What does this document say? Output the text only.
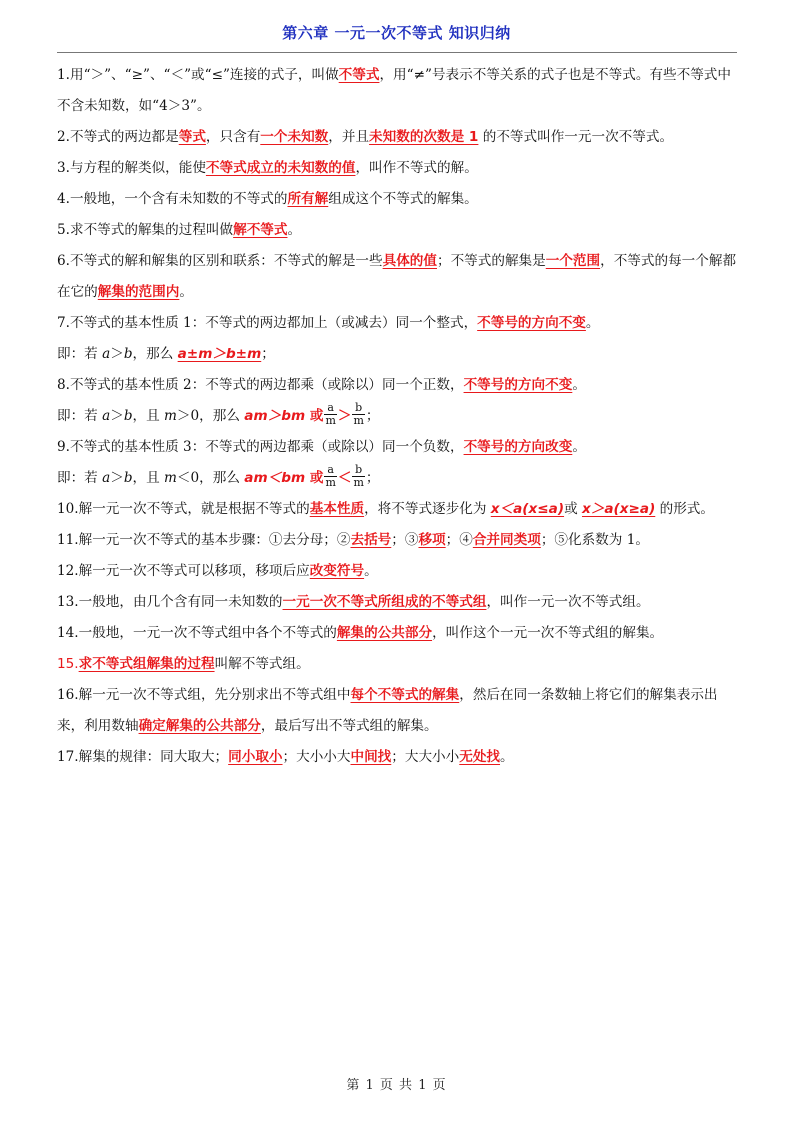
第六章 一元一次不等式 知识归纳

1.用“＞”、“≥”、“＜”或“≤”连接的式子，叫做不等式，用“≠”号表示不等关系的式子也是不等式。有些不等式中不含未知数，如“4＞3”。

2.不等式的两边都是等式，只含有一个未知数，并且未知数的次数是 1 的不等式叫作一元一次不等式。

3.与方程的解类似，能使不等式成立的未知数的值，叫作不等式的解。

4.一般地，一个含有未知数的不等式的所有解组成这个不等式的解集。

5.求不等式的解集的过程叫做解不等式。

6.不等式的解和解集的区别和联系：不等式的解是一些具体的值；不等式的解集是一个范围，不等式的每一个解都在它的解集的范围内。

7.不等式的基本性质 1：不等式的两边都加上（或减去）同一个整式，不等号的方向不变。

即：若 a＞b，那么 a±m＞b±m；

8.不等式的基本性质 2：不等式的两边都乘（或除以）同一个正数，不等号的方向不变。

即：若 a＞b，且 m＞0，那么 am＞bm 或 $\frac{a}{m} > \frac{b}{m}$ ；

9.不等式的基本性质 3：不等式的两边都乘（或除以）同一个负数，不等号的方向改变。

即：若 a＞b，且 m＜0，那么 am＜bm 或 $\frac{a}{m} < \frac{b}{m}$ ；

10.解一元一次不等式，就是根据不等式的基本性质，将不等式逐步化为 x＜a(x≤a)或 x＞a(x≥a) 的形式。

11.解一元一次不等式的基本步骤：①去分母；②去括号；③移项；④合并同类项；⑤化系数为 1。

12.解一元一次不等式可以移项，移项后应改变符号。

13.一般地，由几个含有同一未知数的一元一次不等式所组成的不等式组，叫作一元一次不等式组。

14.一般地，一元一次不等式组中各个不等式的解集的公共部分，叫作这个一元一次不等式组的解集。

15.求不等式组解集的过程叫解不等式组。

16.解一元一次不等式组，先分别求出不等式组中每个不等式的解集，然后在同一条数轴上将它们的解集表示出来，利用数轴确定解集的公共部分，最后写出不等式组的解集。

17.解集的规律：同大取大；同小取小；大小小大中间找；大大小小无处找。

第 1 页 共 1 页
